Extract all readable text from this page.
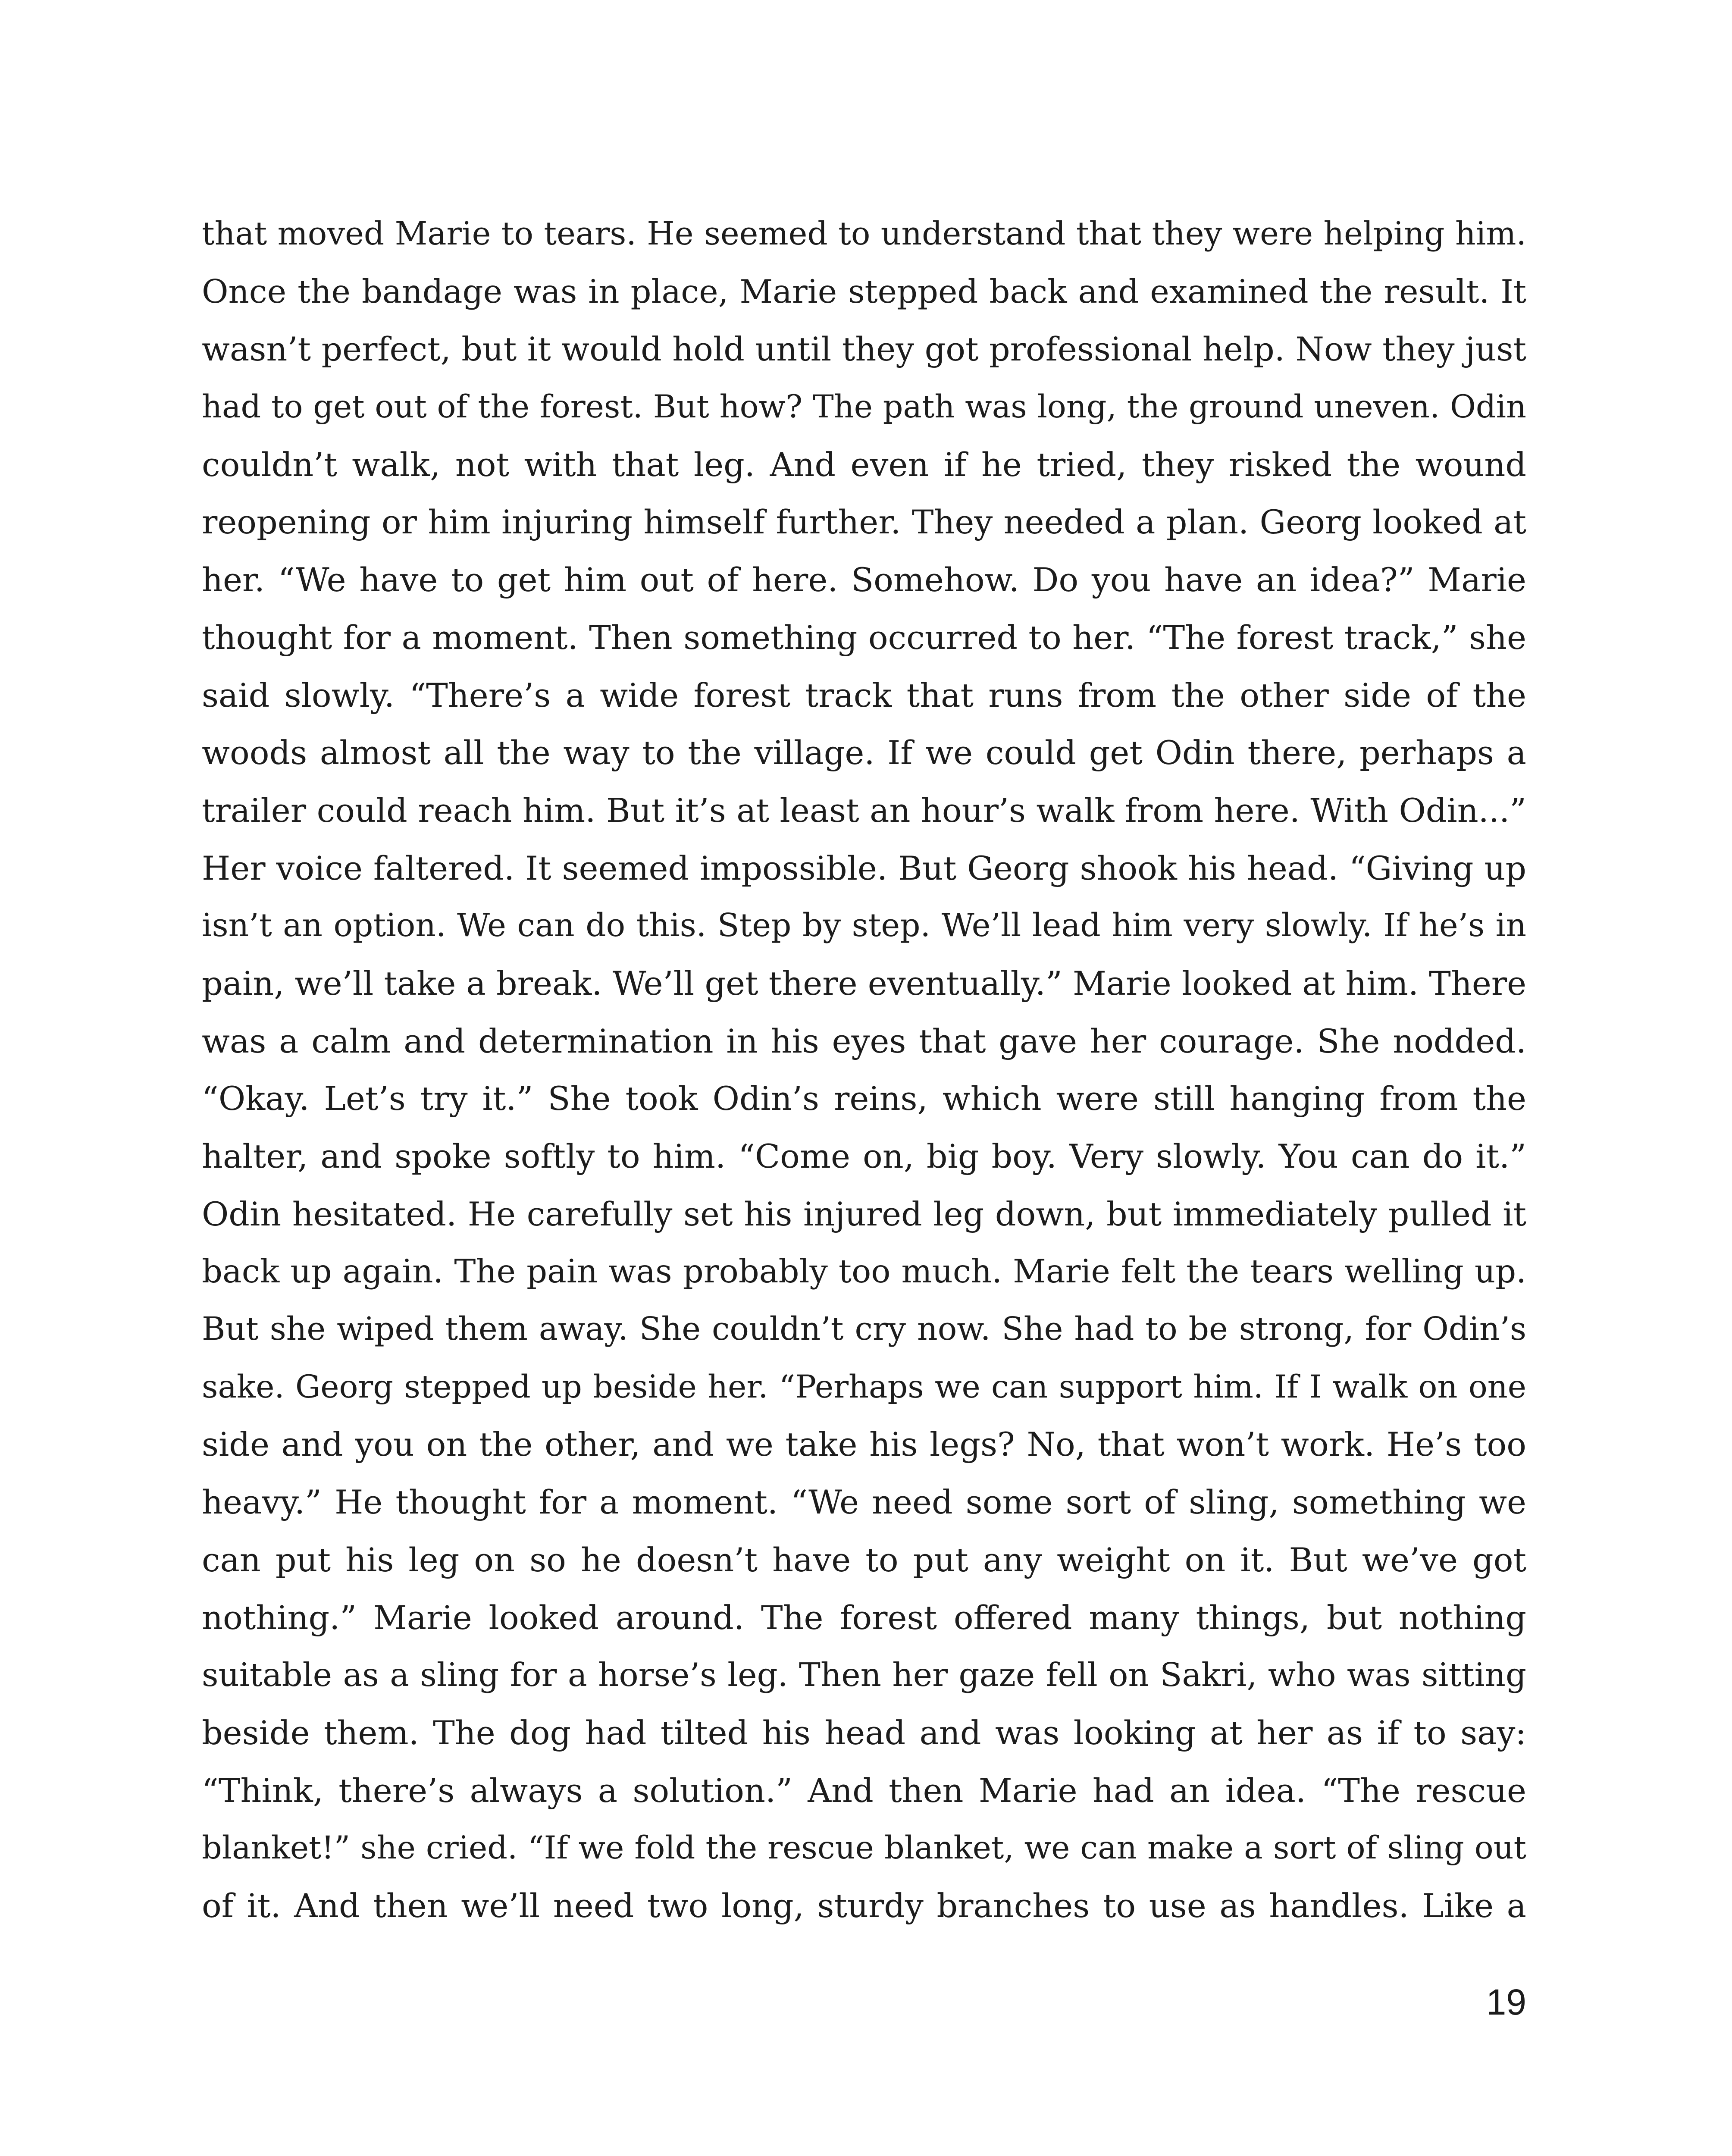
that moved Marie to tears. He seemed to understand that they were helping him.
Once the bandage was in place, Marie stepped back and examined the result. It
wasn’t perfect, but it would hold until they got professional help. Now they just
had to get out of the forest. But how? The path was long, the ground uneven. Odin
couldn’t walk, not with that leg. And even if he tried, they risked the wound
reopening or him injuring himself further. They needed a plan. Georg looked at
her. “We have to get him out of here. Somehow. Do you have an idea?” Marie
thought for a moment. Then something occurred to her. “The forest track,” she
said slowly. “There’s a wide forest track that runs from the other side of the
woods almost all the way to the village. If we could get Odin there, perhaps a
trailer could reach him. But it’s at least an hour’s walk from here. With Odin...”
Her voice faltered. It seemed impossible. But Georg shook his head. “Giving up
isn’t an option. We can do this. Step by step. We’ll lead him very slowly. If he’s in
pain, we’ll take a break. We’ll get there eventually.” Marie looked at him. There
was a calm and determination in his eyes that gave her courage. She nodded.
“Okay. Let’s try it.” She took Odin’s reins, which were still hanging from the
halter, and spoke softly to him. “Come on, big boy. Very slowly. You can do it.”
Odin hesitated. He carefully set his injured leg down, but immediately pulled it
back up again. The pain was probably too much. Marie felt the tears welling up.
But she wiped them away. She couldn’t cry now. She had to be strong, for Odin’s
sake. Georg stepped up beside her. “Perhaps we can support him. If I walk on one
side and you on the other, and we take his legs? No, that won’t work. He’s too
heavy.” He thought for a moment. “We need some sort of sling, something we
can put his leg on so he doesn’t have to put any weight on it. But we’ve got
nothing.” Marie looked around. The forest offered many things, but nothing
suitable as a sling for a horse’s leg. Then her gaze fell on Sakri, who was sitting
beside them. The dog had tilted his head and was looking at her as if to say:
“Think, there’s always a solution.” And then Marie had an idea. “The rescue
blanket!” she cried. “If we fold the rescue blanket, we can make a sort of sling out
of it. And then we’ll need two long, sturdy branches to use as handles. Like a
19
